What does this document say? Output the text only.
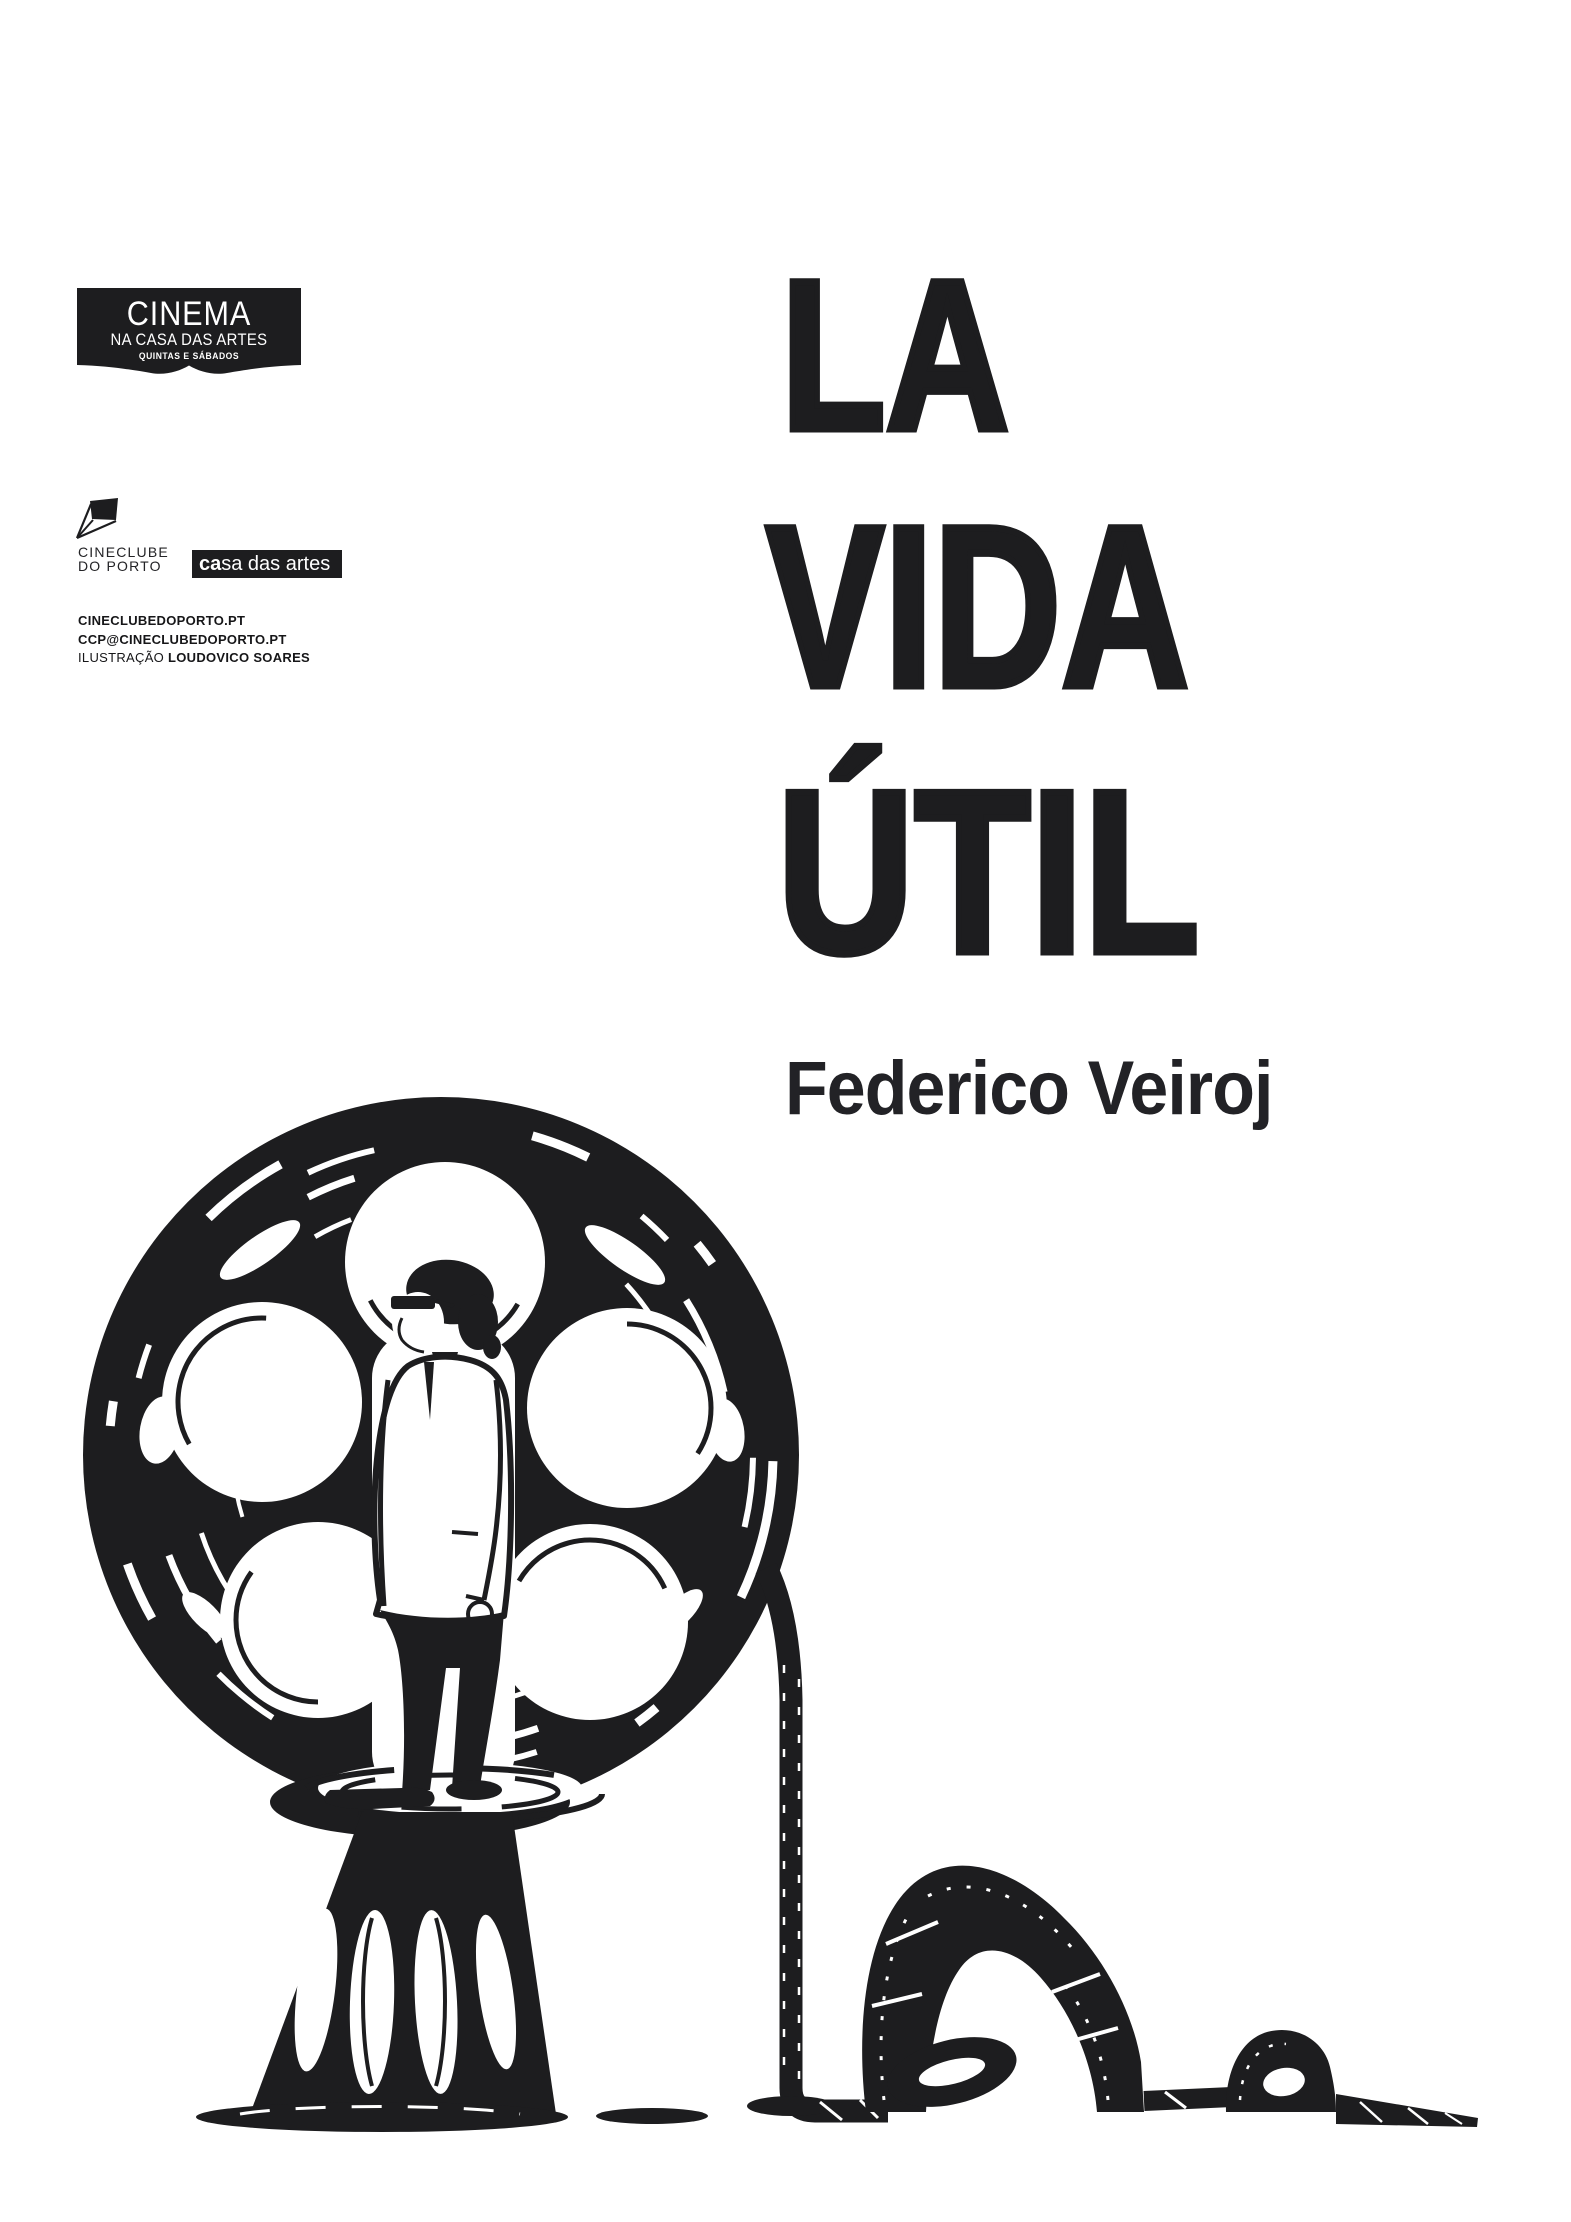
CINEMA
NA CASA DAS ARTES
QUINTAS E SÁBADOS
CINECLUBE
DO PORTO	casa das artes
CINECLUBEDOPORTO.PT
CCP@CINECLUBEDOPORTO.PT
ILUSTRAÇÃO LOUDOVICO SOARES
LA
VIDA
ÚTIL
Federico Veiroj
